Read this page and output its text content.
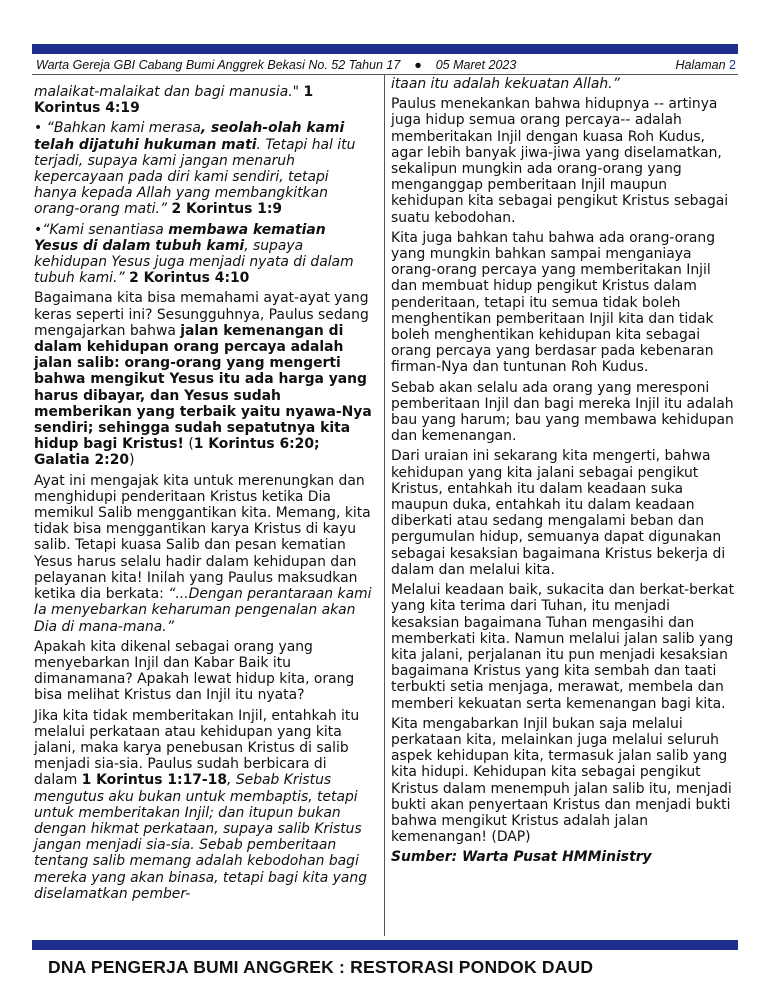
Warta Gereja GBI Cabang Bumi Anggrek Bekasi No. 52 Tahun 17 ● 05 Maret 2023	Halaman 2

malaikat-malaikat dan bagi manusia." 1 Korintus 4:19

• “Bahkan kami merasa, seolah-olah kami telah dijatuhi hukuman mati. Tetapi hal itu terjadi, supaya kami jangan menaruh kepercayaan pada diri kami sendiri, tetapi hanya kepada Allah yang membangkitkan orang-orang mati.” 2 Korintus 1:9

•“Kami senantiasa membawa kematian Yesus di dalam tubuh kami, supaya kehidupan Yesus juga menjadi nyata di dalam tubuh kami.” 2 Korintus 4:10

Bagaimana kita bisa memahami ayat-ayat yang keras seperti ini? Sesungguhnya, Paulus sedang mengajarkan bahwa jalan kemenangan di dalam kehidupan orang percaya adalah jalan salib: orang-orang yang mengerti bahwa mengikut Yesus itu ada harga yang harus dibayar, dan Yesus sudah memberikan yang terbaik yaitu nyawa-Nya sendiri; sehingga sudah sepatutnya kita hidup bagi Kristus! (1 Korintus 6:20; Galatia 2:20)

Ayat ini mengajak kita untuk merenungkan dan menghidupi penderitaan Kristus ketika Dia memikul Salib menggantikan kita. Memang, kita tidak bisa menggantikan karya Kristus di kayu salib. Tetapi kuasa Salib dan pesan kematian Yesus harus selalu hadir dalam kehidupan dan pelayanan kita! Inilah yang Paulus maksudkan ketika dia berkata: “...Dengan perantaraan kami Ia menyebarkan keharuman pengenalan akan Dia di mana-mana.”

Apakah kita dikenal sebagai orang yang menyebarkan Injil dan Kabar Baik itu dimanamana? Apakah lewat hidup kita, orang bisa melihat Kristus dan Injil itu nyata?

Jika kita tidak memberitakan Injil, entahkah itu melalui perkataan atau kehidupan yang kita jalani, maka karya penebusan Kristus di salib menjadi sia-sia. Paulus sudah berbicara di dalam 1 Korintus 1:17-18, Sebab Kristus mengutus aku bukan untuk membaptis, tetapi untuk memberitakan Injil; dan itupun bukan dengan hikmat perkataan, supaya salib Kristus jangan menjadi sia-sia. Sebab pemberitaan tentang salib memang adalah kebodohan bagi mereka yang akan binasa, tetapi bagi kita yang diselamatkan pember-

itaan itu adalah kekuatan Allah.”

Paulus menekankan bahwa hidupnya -- artinya juga hidup semua orang percaya-- adalah memberitakan Injil dengan kuasa Roh Kudus, agar lebih banyak jiwa-jiwa yang diselamatkan, sekalipun mungkin ada orang-orang yang menganggap pemberitaan Injil maupun kehidupan kita sebagai pengikut Kristus sebagai suatu kebodohan.

Kita juga bahkan tahu bahwa ada orang-orang yang mungkin bahkan sampai menganiaya orang-orang percaya yang memberitakan Injil dan membuat hidup pengikut Kristus dalam penderitaan, tetapi itu semua tidak boleh menghentikan pemberitaan Injil kita dan tidak boleh menghentikan kehidupan kita sebagai orang percaya yang berdasar pada kebenaran firman-Nya dan tuntunan Roh Kudus.

Sebab akan selalu ada orang yang meresponi pemberitaan Injil dan bagi mereka Injil itu adalah bau yang harum; bau yang membawa kehidupan dan kemenangan.

Dari uraian ini sekarang kita mengerti, bahwa kehidupan yang kita jalani sebagai pengikut Kristus, entahkah itu dalam keadaan suka maupun duka, entahkah itu dalam keadaan diberkati atau sedang mengalami beban dan pergumulan hidup, semuanya dapat digunakan sebagai kesaksian bagaimana Kristus bekerja di dalam dan melalui kita.

Melalui keadaan baik, sukacita dan berkat-berkat yang kita terima dari Tuhan, itu menjadi kesaksian bagaimana Tuhan mengasihi dan memberkati kita. Namun melalui jalan salib yang kita jalani, perjalanan itu pun menjadi kesaksian bagaimana Kristus yang kita sembah dan taati terbukti setia menjaga, merawat, membela dan memberi kekuatan serta kemenangan bagi kita.

Kita mengabarkan Injil bukan saja melalui perkataan kita, melainkan juga melalui seluruh aspek kehidupan kita, termasuk jalan salib yang kita hidupi. Kehidupan kita sebagai pengikut Kristus dalam menempuh jalan salib itu, menjadi bukti akan penyertaan Kristus dan menjadi bukti bahwa mengikut Kristus adalah jalan kemenangan! (DAP)

Sumber: Warta Pusat HMMinistry

DNA PENGERJA BUMI ANGGREK : RESTORASI PONDOK DAUD
